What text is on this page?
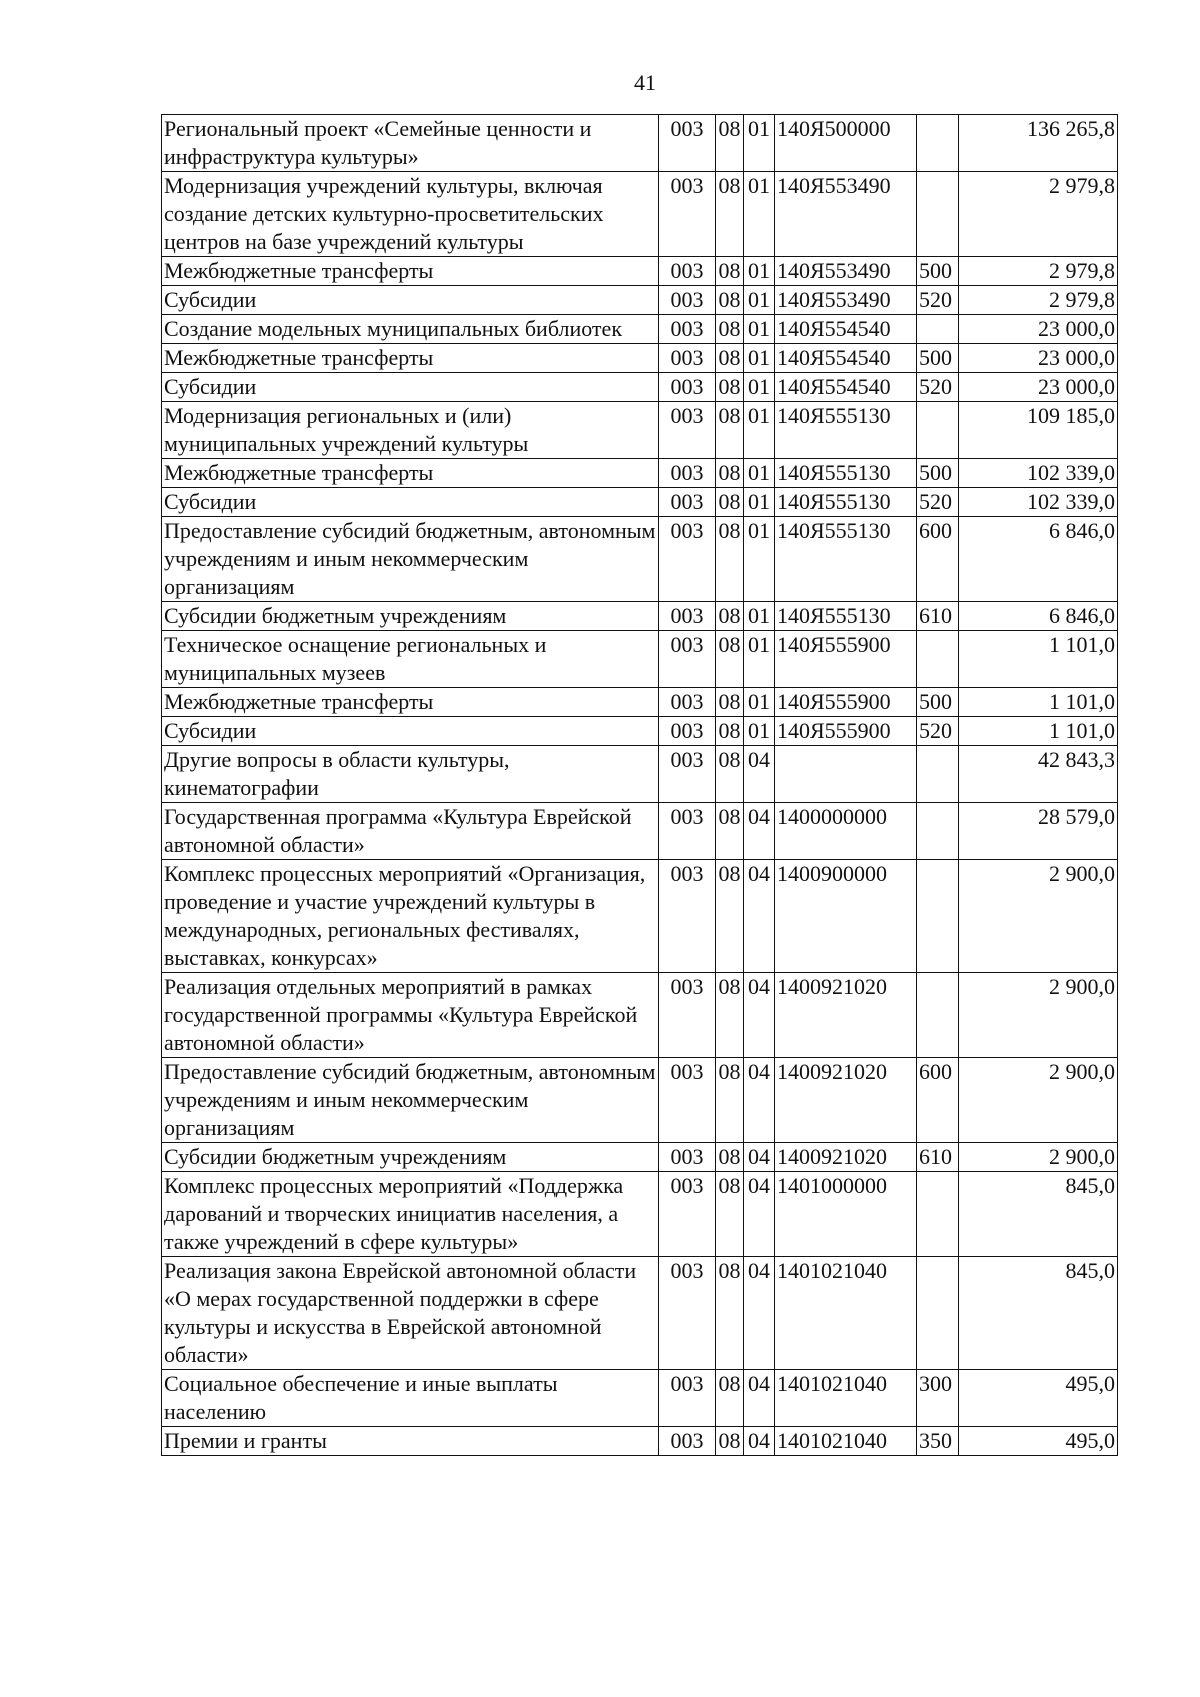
41
Региональный проект «Семейные ценности и инфраструктура культуры»	003	08	01	140Я500000		136 265,8
Модернизация учреждений культуры, включая создание детских культурно-просветительских центров на базе учреждений культуры	003	08	01	140Я553490		2 979,8
Межбюджетные трансферты	003	08	01	140Я553490	500	2 979,8
Субсидии	003	08	01	140Я553490	520	2 979,8
Создание модельных муниципальных библиотек	003	08	01	140Я554540		23 000,0
Межбюджетные трансферты	003	08	01	140Я554540	500	23 000,0
Субсидии	003	08	01	140Я554540	520	23 000,0
Модернизация региональных и (или) муниципальных учреждений культуры	003	08	01	140Я555130		109 185,0
Межбюджетные трансферты	003	08	01	140Я555130	500	102 339,0
Субсидии	003	08	01	140Я555130	520	102 339,0
Предоставление субсидий бюджетным, автономным учреждениям и иным некоммерческим организациям	003	08	01	140Я555130	600	6 846,0
Субсидии бюджетным учреждениям	003	08	01	140Я555130	610	6 846,0
Техническое оснащение региональных и муниципальных музеев	003	08	01	140Я555900		1 101,0
Межбюджетные трансферты	003	08	01	140Я555900	500	1 101,0
Субсидии	003	08	01	140Я555900	520	1 101,0
Другие вопросы в области культуры, кинематографии	003	08	04			42 843,3
Государственная программа «Культура Еврейской автономной области»	003	08	04	1400000000		28 579,0
Комплекс процессных мероприятий «Организация, проведение и участие учреждений культуры в международных, региональных фестивалях, выставках, конкурсах»	003	08	04	1400900000		2 900,0
Реализация отдельных мероприятий в рамках государственной программы «Культура Еврейской автономной области»	003	08	04	1400921020		2 900,0
Предоставление субсидий бюджетным, автономным учреждениям и иным некоммерческим организациям	003	08	04	1400921020	600	2 900,0
Субсидии бюджетным учреждениям	003	08	04	1400921020	610	2 900,0
Комплекс процессных мероприятий «Поддержка дарований и творческих инициатив населения, а также учреждений в сфере культуры»	003	08	04	1401000000		845,0
Реализация закона Еврейской автономной области «О мерах государственной поддержки в сфере культуры и искусства в Еврейской автономной области»	003	08	04	1401021040		845,0
Социальное обеспечение и иные выплаты населению	003	08	04	1401021040	300	495,0
Премии и гранты	003	08	04	1401021040	350	495,0
